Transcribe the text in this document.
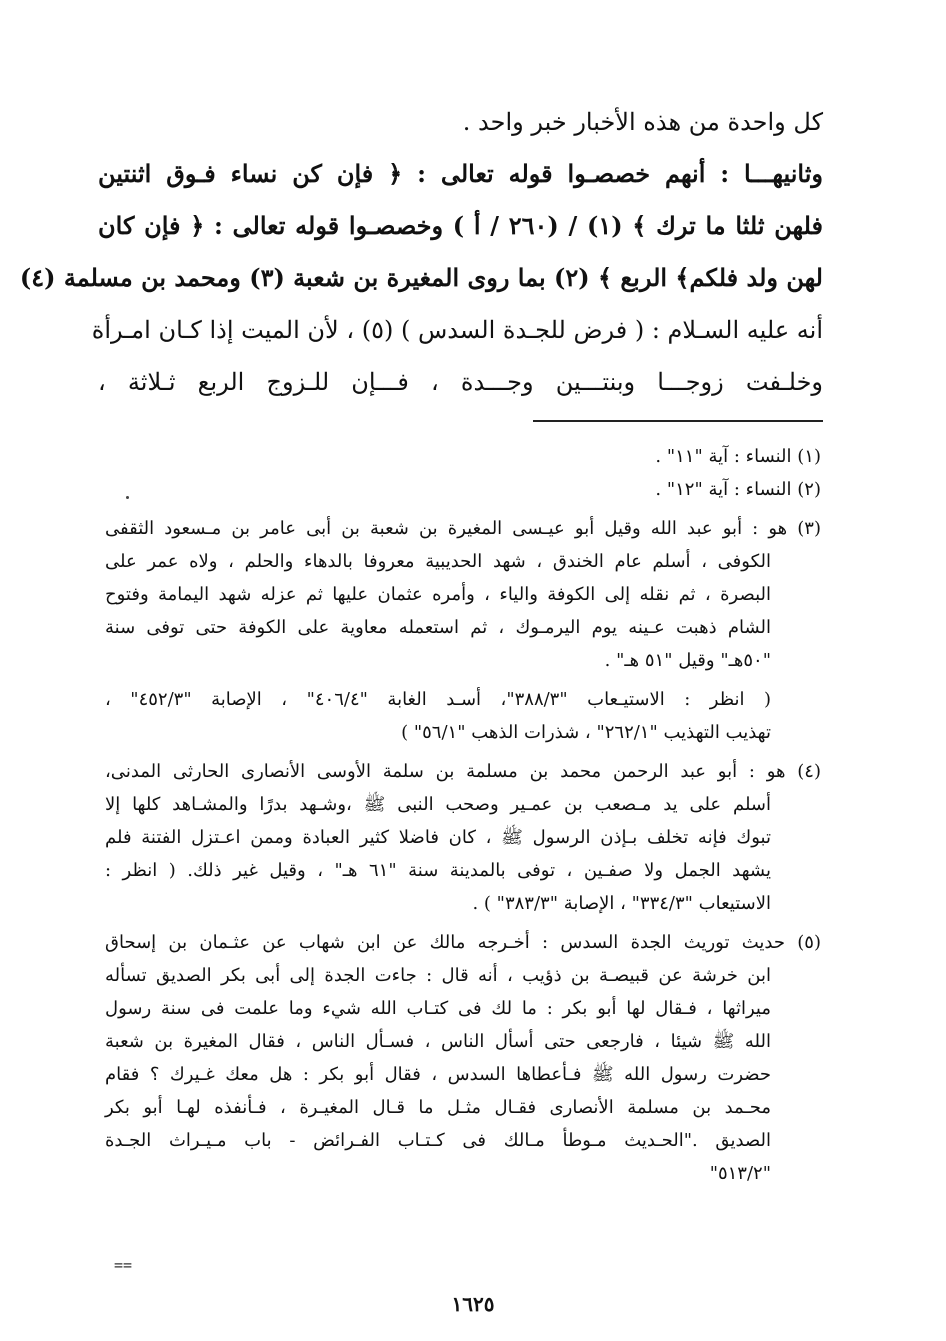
كل واحدة من هذه الأخبار خبر واحد .
وثانيهـــا : أنهم خصصـوا قوله تعالى : ﴿ فإن كن نساء فـوق اثنتين
فلهن ثلثا ما ترك ﴾ (١) / (٢٦٠ / أ ) وخصصـوا قوله تعالى : ﴿ فإن كان
لهن ولد فلكم﴾ الربع ﴾ (٢) بما روى المغيرة بن شعبة (٣) ومحمد بن مسلمة (٤)
أنه عليه السـلام : ( فرض للجـدة السدس ) (٥) ، لأن الميت إذا كـان امـرأة
وخلـفت زوجـــا وبنتـــين وجـــدة ، فـــإن للـزوج الربع ثـلاثة ،
(١) النساء : آية "١١" .
(٢) النساء : آية "١٢" .
(٣) هو : أبو عبد الله وقيل أبو عيـسى المغيرة بن شعبة بن أبى عامر بن مـسعود الثقفى
الكوفى ، أسلم عام الخندق ، شهد الحديبية معروفا بالدهاء والحلم ، ولاه عمر على
البصرة ، ثم نقله إلى الكوفة والياء ، وأمره عثمان عليها ثم عزله شهد اليمامة وفتوح
الشام ذهبت عـينه يوم اليرمـوك ، ثم استعمله معاوية على الكوفة حتى توفى سنة
"٥٠هـ" وقيل "٥١ هـ" .
( انظر : الاستيـعاب "٣٨٨/٣"، أسـد الغابة "٤٠٦/٤" ، الإصابة "٤٥٢/٣" ،
تهذيب التهذيب "٢٦٢/١" ، شذرات الذهب "٥٦/١" )
(٤) هو : أبو عبد الرحمن محمد بن مسلمة بن سلمة الأوسى الأنصارى الحارثى المدنى،
أسلم على يد مـصعب بن عمـير وصحب النبى ﷺ ،وشـهد بدرًا والمشـاهد كلها إلا
تبوك فإنه تخلف بـإذن الرسول ﷺ ، كان فاضلا كثير العبادة وممن اعـتزل الفتنة فلم
يشهد الجمل ولا صفـين ، توفى بالمدينة سنة "٦١ هـ" ، وقيل غير ذلك. ( انظر :
الاستيعاب "٣٣٤/٣" ، الإصابة "٣٨٣/٣" ) .
(٥) حديث توريث الجدة السدس : أخـرجه مالك عن ابن شهاب عن عثـمان بن إسحاق
ابن خرشة عن قبيصـة بن ذؤيب ، أنه قال : جاءت الجدة إلى أبى بكر الصديق تسأله
ميراثها ، فـقال لها أبو بكر : ما لك فى كتـاب الله شيء وما علمت فى سنة رسول
الله ﷺ شيئا ، فارجعى حتى أسأل الناس ، فسـأل الناس ، فقال المغيرة بن شعبة
حضرت رسول الله ﷺ فـأعطاها السدس ، فقال أبو بكر : هل معك غـيرك ؟ فقام
محـمد بن مسلمة الأنصارى فقـال مثـل ما قـال المغيـرة ، فـأنفذه لهـا أبو بكر
الصديق ."الحـديث مـوطأ مـالك فى كـتـاب الفـرائض - باب مـيـراث الجـدة
"٥١٣/٢"
==
١٦٢٥
